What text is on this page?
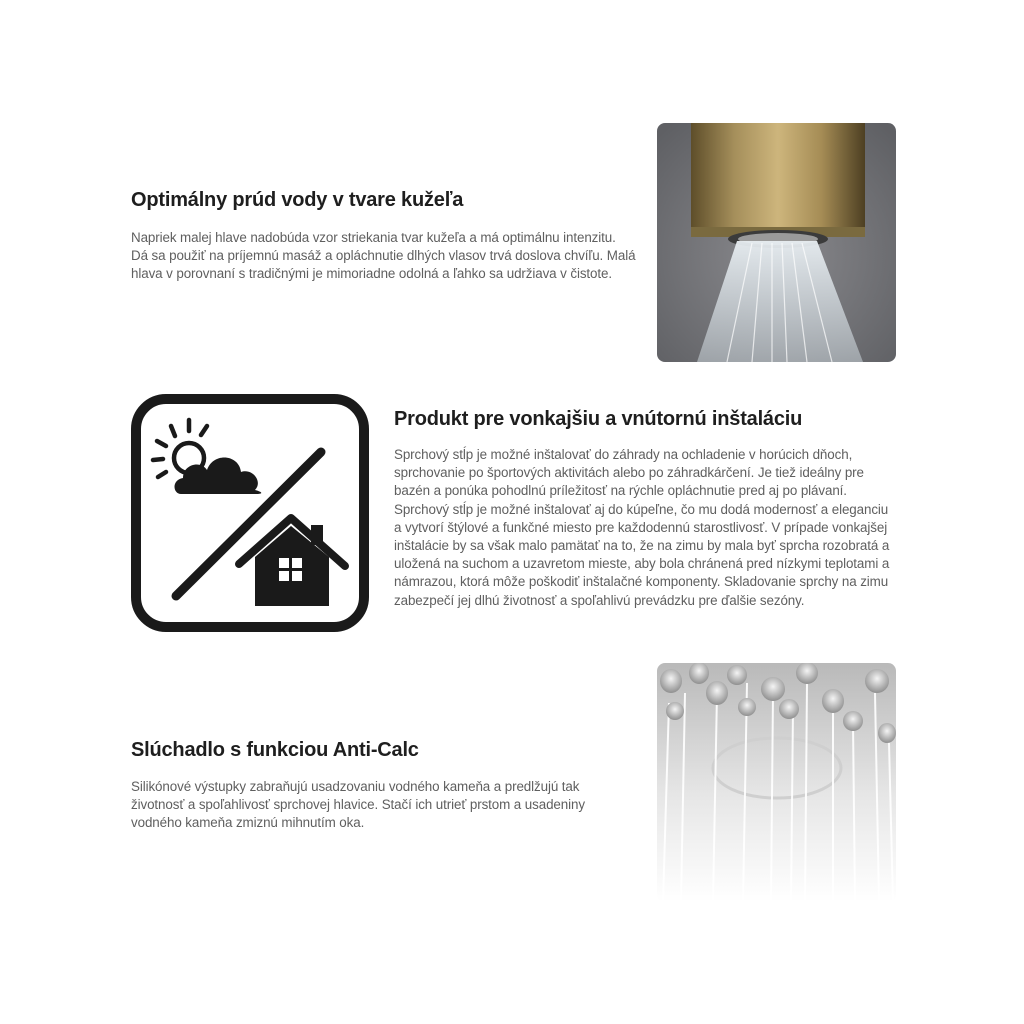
Optimálny prúd vody v tvare kužeľa

Napriek malej hlave nadobúda vzor striekania tvar kužeľa a má optimálnu intenzitu. Dá sa použiť na príjemnú masáž a opláchnutie dlhých vlasov trvá doslova chvíľu. Malá hlava v porovnaní s tradičnými je mimoriadne odolná a ľahko sa udržiava v čistote.

Produkt pre vonkajšiu a vnútornú inštaláciu

Sprchový stĺp je možné inštalovať do záhrady na ochladenie v horúcich dňoch, sprchovanie po športových aktivitách alebo po záhradkárčení. Je tiež ideálny pre bazén a ponúka pohodlnú príležitosť na rýchle opláchnutie pred aj po plávaní. Sprchový stĺp je možné inštalovať aj do kúpeľne, čo mu dodá modernosť a eleganciu a vytvorí štýlové a funkčné miesto pre každodennú starostlivosť. V prípade vonkajšej inštalácie by sa však malo pamätať na to, že na zimu by mala byť sprcha rozobratá a uložená na suchom a uzavretom mieste, aby bola chránená pred nízkymi teplotami a námrazou, ktorá môže poškodiť inštalačné komponenty. Skladovanie sprchy na zimu zabezpečí jej dlhú životnosť a spoľahlivú prevádzku pre ďalšie sezóny.

Slúchadlo s funkciou Anti-Calc

Silikónové výstupky zabraňujú usadzovaniu vodného kameňa a predlžujú tak životnosť a spoľahlivosť sprchovej hlavice. Stačí ich utrieť prstom a usadeniny vodného kameňa zmiznú mihnutím oka.
